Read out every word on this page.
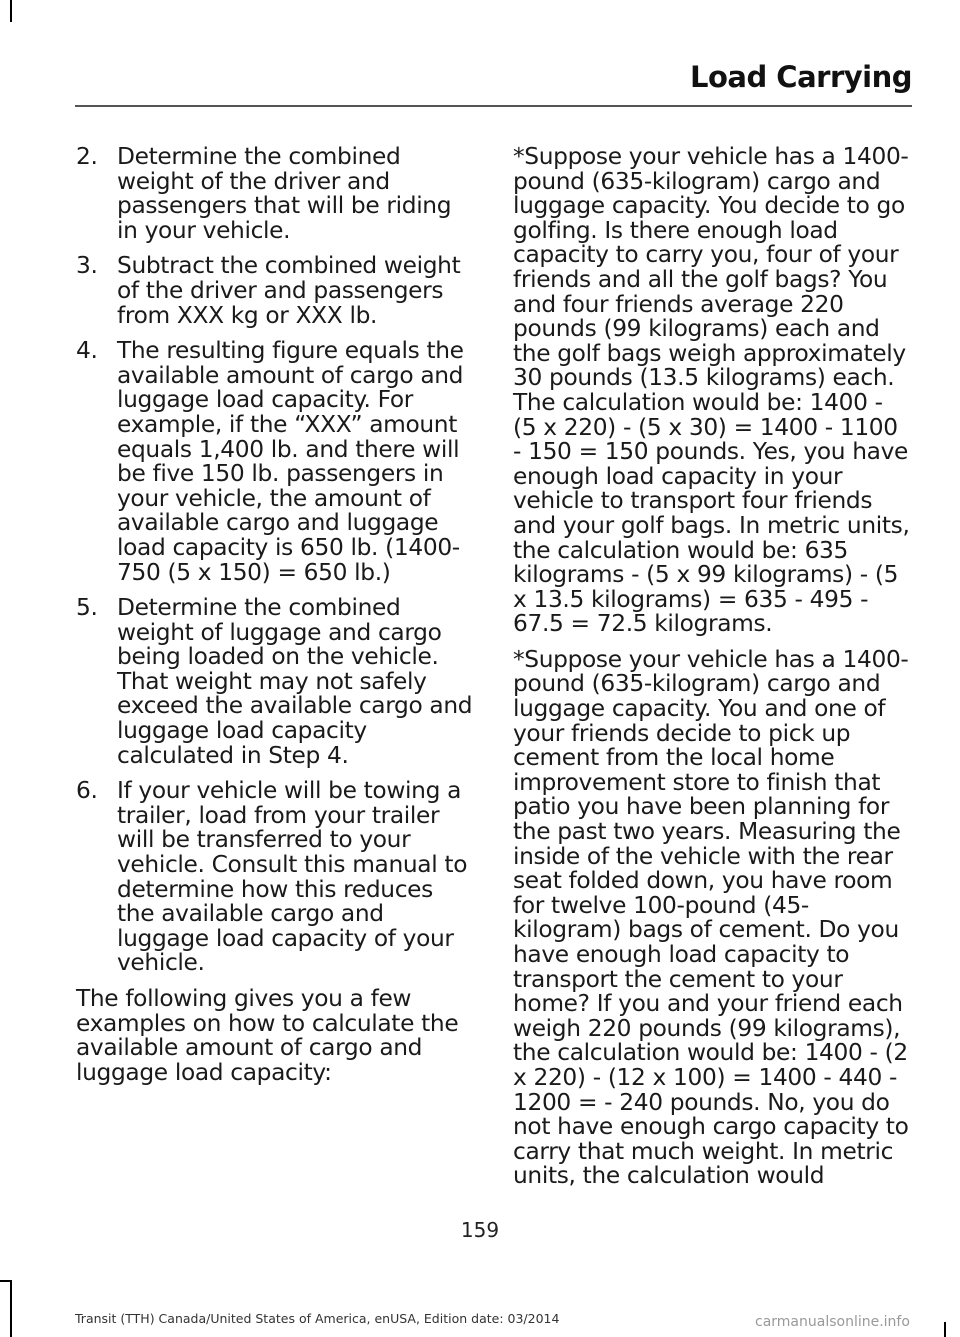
Load Carrying
2. Determine the combined weight of the driver and passengers that will be riding in your vehicle.
3. Subtract the combined weight of the driver and passengers from XXX kg or XXX lb.
4. The resulting figure equals the available amount of cargo and luggage load capacity. For example, if the “XXX” amount equals 1,400 lb. and there will be five 150 lb. passengers in your vehicle, the amount of available cargo and luggage load capacity is 650 lb. (1400-750 (5 x 150) = 650 lb.)
5. Determine the combined weight of luggage and cargo being loaded on the vehicle. That weight may not safely exceed the available cargo and luggage load capacity calculated in Step 4.
6. If your vehicle will be towing a trailer, load from your trailer will be transferred to your vehicle. Consult this manual to determine how this reduces the available cargo and luggage load capacity of your vehicle.

The following gives you a few examples on how to calculate the available amount of cargo and luggage load capacity:

*Suppose your vehicle has a 1400-pound (635-kilogram) cargo and luggage capacity. You decide to go golfing. Is there enough load capacity to carry you, four of your friends and all the golf bags? You and four friends average 220 pounds (99 kilograms) each and the golf bags weigh approximately 30 pounds (13.5 kilograms) each. The calculation would be: 1400 - (5 x 220) - (5 x 30) = 1400 - 1100 - 150 = 150 pounds. Yes, you have enough load capacity in your vehicle to transport four friends and your golf bags. In metric units, the calculation would be: 635 kilograms - (5 x 99 kilograms) - (5 x 13.5 kilograms) = 635 - 495 - 67.5 = 72.5 kilograms.

*Suppose your vehicle has a 1400-pound (635-kilogram) cargo and luggage capacity. You and one of your friends decide to pick up cement from the local home improvement store to finish that patio you have been planning for the past two years. Measuring the inside of the vehicle with the rear seat folded down, you have room for twelve 100-pound (45-kilogram) bags of cement. Do you have enough load capacity to transport the cement to your home? If you and your friend each weigh 220 pounds (99 kilograms), the calculation would be: 1400 - (2 x 220) - (12 x 100) = 1400 - 440 - 1200 = - 240 pounds. No, you do not have enough cargo capacity to carry that much weight. In metric units, the calculation would

159
Transit (TTH) Canada/United States of America, enUSA, Edition date: 03/2014	carmanualsonline.info
